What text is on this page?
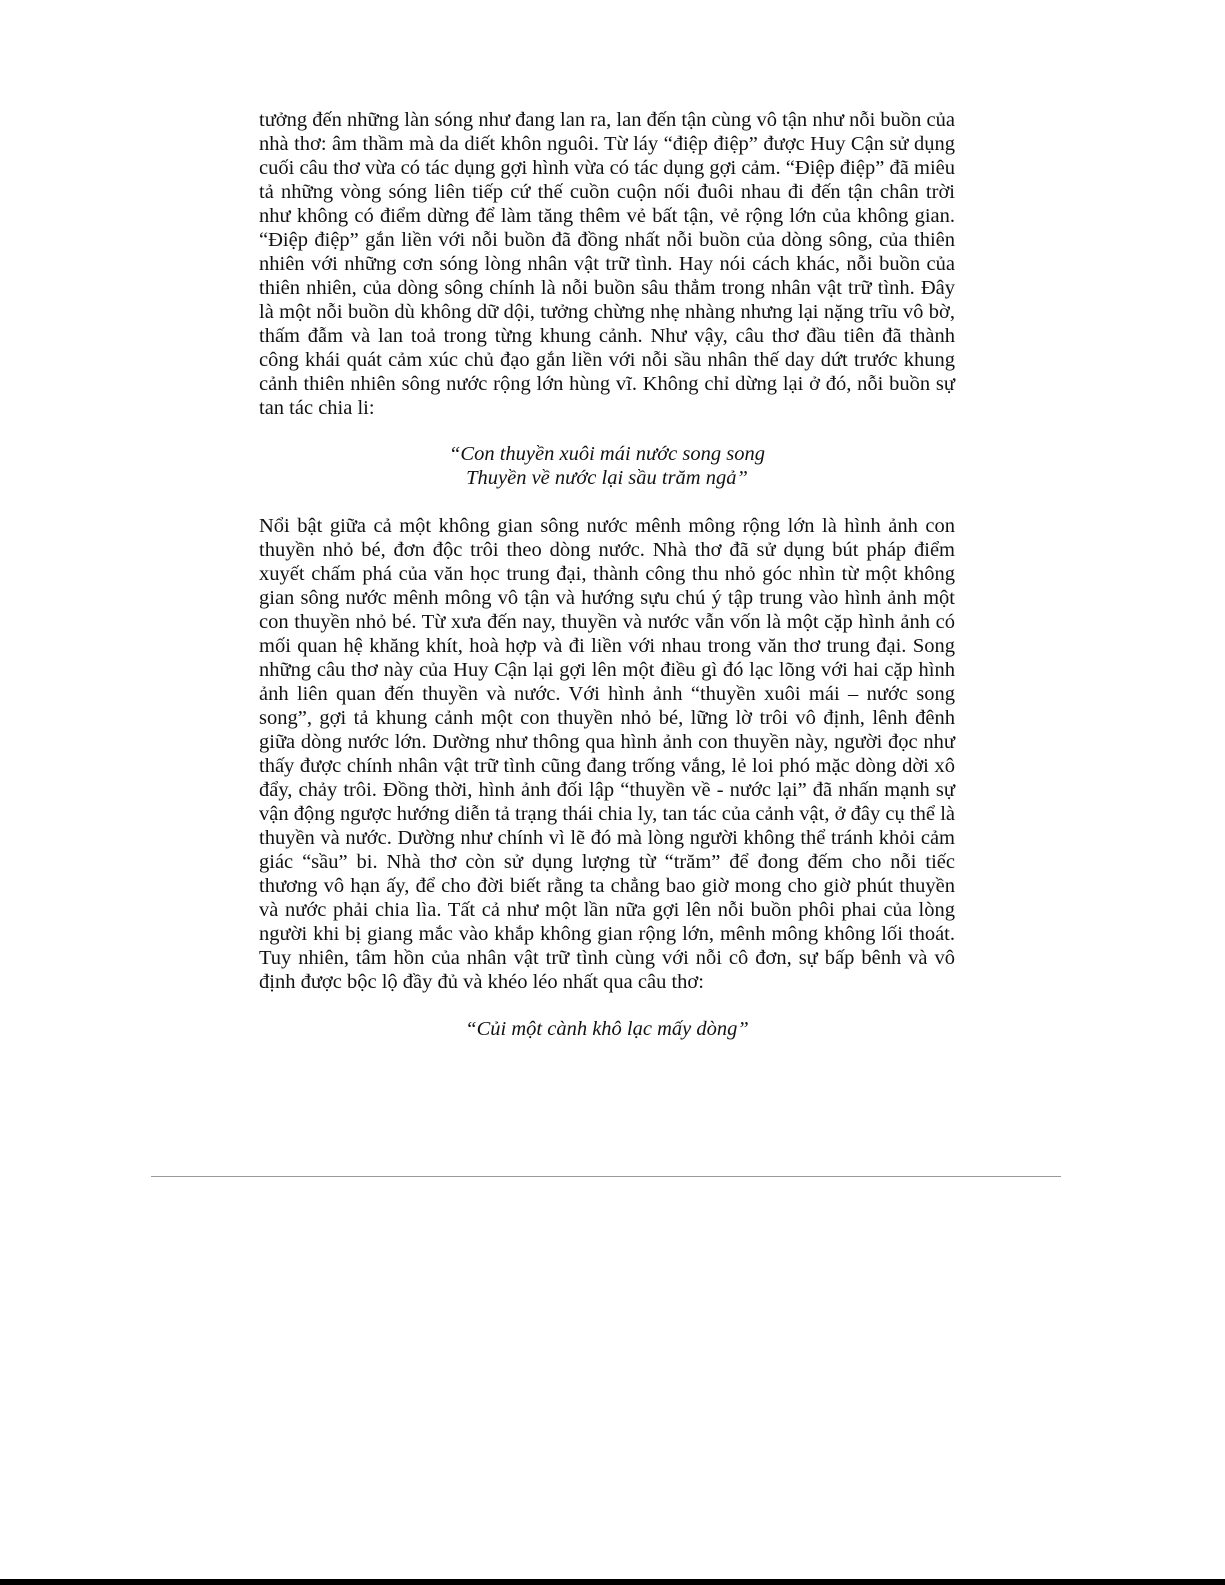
tưởng đến những làn sóng như đang lan ra, lan đến tận cùng vô tận như nỗi buồn của nhà thơ: âm thầm mà da diết khôn nguôi. Từ láy “điệp điệp” được Huy Cận sử dụng cuối câu thơ vừa có tác dụng gợi hình vừa có tác dụng gợi cảm. “Điệp điệp” đã miêu tả những vòng sóng liên tiếp cứ thế cuồn cuộn nối đuôi nhau đi đến tận chân trời như không có điểm dừng để làm tăng thêm vẻ bất tận, vẻ rộng lớn của không gian. “Điệp điệp” gắn liền với nỗi buồn đã đồng nhất nỗi buồn của dòng sông, của thiên nhiên với những cơn sóng lòng nhân vật trữ tình. Hay nói cách khác, nỗi buồn của thiên nhiên, của dòng sông chính là nỗi buồn sâu thẳm trong nhân vật trữ tình. Đây là một nỗi buồn dù không dữ dội, tưởng chừng nhẹ nhàng nhưng lại nặng trĩu vô bờ, thấm đẫm và lan toả trong từng khung cảnh. Như vậy, câu thơ đầu tiên đã thành công khái quát cảm xúc chủ đạo gắn liền với nỗi sầu nhân thế day dứt trước khung cảnh thiên nhiên sông nước rộng lớn hùng vĩ. Không chỉ dừng lại ở đó, nỗi buồn sự tan tác chia li:

“Con thuyền xuôi mái nước song song
Thuyền về nước lại sầu trăm ngả”

Nổi bật giữa cả một không gian sông nước mênh mông rộng lớn là hình ảnh con thuyền nhỏ bé, đơn độc trôi theo dòng nước. Nhà thơ đã sử dụng bút pháp điểm xuyết chấm phá của văn học trung đại, thành công thu nhỏ góc nhìn từ một không gian sông nước mênh mông vô tận và hướng sựu chú ý tập trung vào hình ảnh một con thuyền nhỏ bé. Từ xưa đến nay, thuyền và nước vẫn vốn là một cặp hình ảnh có mối quan hệ khăng khít, hoà hợp và đi liền với nhau trong văn thơ trung đại. Song những câu thơ này của Huy Cận lại gợi lên một điều gì đó lạc lõng với hai cặp hình ảnh liên quan đến thuyền và nước. Với hình ảnh “thuyền xuôi mái – nước song song”, gợi tả khung cảnh một con thuyền nhỏ bé, lững lờ trôi vô định, lênh đênh giữa dòng nước lớn. Dường như thông qua hình ảnh con thuyền này, người đọc như thấy được chính nhân vật trữ tình cũng đang trống vắng, lẻ loi phó mặc dòng dời xô đẩy, chảy trôi. Đồng thời, hình ảnh đối lập “thuyền về - nước lại” đã nhấn mạnh sự vận động ngược hướng diễn tả trạng thái chia ly, tan tác của cảnh vật, ở đây cụ thể là thuyền và nước. Dường như chính vì lẽ đó mà lòng người không thể tránh khỏi cảm giác “sầu” bi. Nhà thơ còn sử dụng lượng từ “trăm” để đong đếm cho nỗi tiếc thương vô hạn ấy, để cho đời biết rằng ta chẳng bao giờ mong cho giờ phút thuyền và nước phải chia lìa. Tất cả như một lần nữa gợi lên nỗi buồn phôi phai của lòng người khi bị giang mắc vào khắp không gian rộng lớn, mênh mông không lối thoát. Tuy nhiên, tâm hồn của nhân vật trữ tình cùng với nỗi cô đơn, sự bấp bênh và vô định được bộc lộ đầy đủ và khéo léo nhất qua câu thơ:

“Củi một cành khô lạc mấy dòng”
